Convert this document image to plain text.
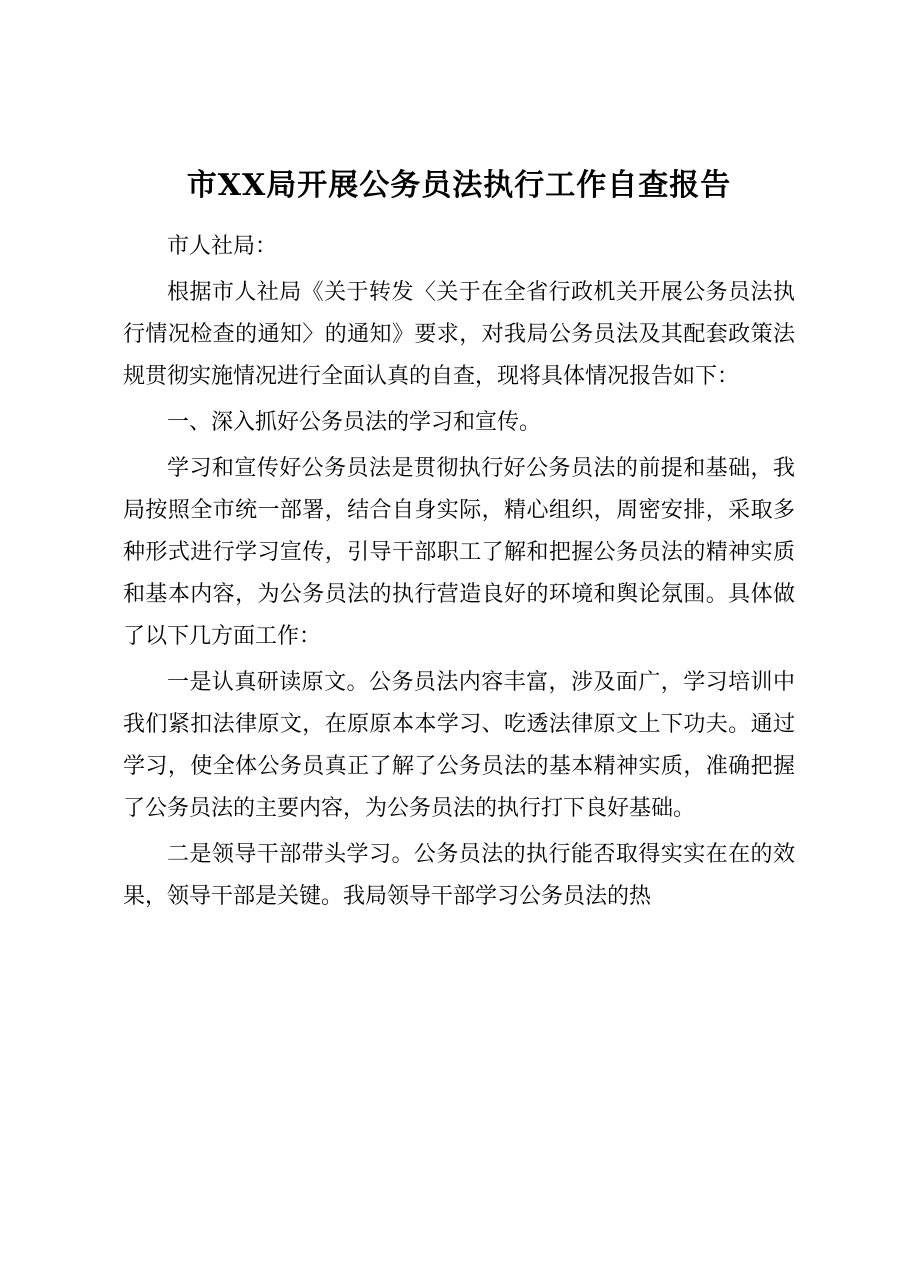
市XX局开展公务员法执行工作自查报告

市人社局：

根据市人社局《关于转发〈关于在全省行政机关开展公务员法执行情况检查的通知〉的通知》要求，对我局公务员法及其配套政策法规贯彻实施情况进行全面认真的自查，现将具体情况报告如下：

一、深入抓好公务员法的学习和宣传。

学习和宣传好公务员法是贯彻执行好公务员法的前提和基础，我局按照全市统一部署，结合自身实际，精心组织，周密安排，采取多种形式进行学习宣传，引导干部职工了解和把握公务员法的精神实质和基本内容，为公务员法的执行营造良好的环境和舆论氛围。具体做了以下几方面工作：

一是认真研读原文。公务员法内容丰富，涉及面广，学习培训中我们紧扣法律原文，在原原本本学习、吃透法律原文上下功夫。通过学习，使全体公务员真正了解了公务员法的基本精神实质，准确把握了公务员法的主要内容，为公务员法的执行打下良好基础。

二是领导干部带头学习。公务员法的执行能否取得实实在在的效果，领导干部是关键。我局领导干部学习公务员法的热
